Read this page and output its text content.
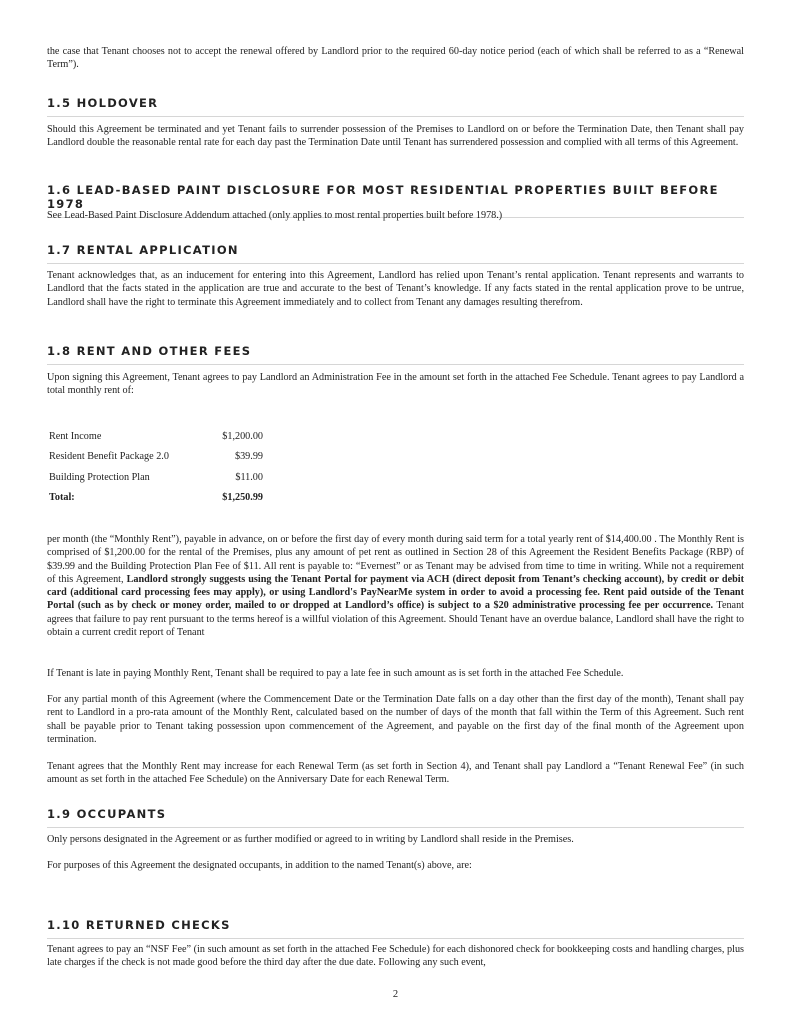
the case that Tenant chooses not to accept the renewal offered by Landlord prior to the required 60-day notice period (each of which shall be referred to as a “Renewal Term”).

1.5 HOLDOVER

Should this Agreement be terminated and yet Tenant fails to surrender possession of the Premises to Landlord on or before the Termination Date, then Tenant shall pay Landlord double the reasonable rental rate for each day past the Termination Date until Tenant has surrendered possession and complied with all terms of this Agreement.

1.6 LEAD-BASED PAINT DISCLOSURE FOR MOST RESIDENTIAL PROPERTIES BUILT BEFORE 1978

See Lead-Based Paint Disclosure Addendum attached (only applies to most rental properties built before 1978.)

1.7 RENTAL APPLICATION

Tenant acknowledges that, as an inducement for entering into this Agreement, Landlord has relied upon Tenant’s rental application. Tenant represents and warrants to Landlord that the facts stated in the application are true and accurate to the best of Tenant’s knowledge. If any facts stated in the rental application prove to be untrue, Landlord shall have the right to terminate this Agreement immediately and to collect from Tenant any damages resulting therefrom.

1.8 RENT AND OTHER FEES

Upon signing this Agreement, Tenant agrees to pay Landlord an Administration Fee in the amount set forth in the attached Fee Schedule. Tenant agrees to pay Landlord a total monthly rent of:

Rent Income	$1,200.00
Resident Benefit Package 2.0	$39.99
Building Protection Plan	$11.00
Total:	$1,250.99

per month (the “Monthly Rent”), payable in advance, on or before the first day of every month during said term for a total yearly rent of $14,400.00 . The Monthly Rent is comprised of $1,200.00 for the rental of the Premises, plus any amount of pet rent as outlined in Section 28 of this Agreement the Resident Benefits Package (RBP) of $39.99 and the Building Protection Plan Fee of $11. All rent is payable to: “Evernest” or as Tenant may be advised from time to time in writing. While not a requirement of this Agreement, Landlord strongly suggests using the Tenant Portal for payment via ACH (direct deposit from Tenant’s checking account), by credit or debit card (additional card processing fees may apply), or using Landlord's PayNearMe system in order to avoid a processing fee. Rent paid outside of the Tenant Portal (such as by check or money order, mailed to or dropped at Landlord’s office) is subject to a $20 administrative processing fee per occurrence. Tenant agrees that failure to pay rent pursuant to the terms hereof is a willful violation of this Agreement. Should Tenant have an overdue balance, Landlord shall have the right to obtain a current credit report of Tenant

If Tenant is late in paying Monthly Rent, Tenant shall be required to pay a late fee in such amount as is set forth in the attached Fee Schedule.

For any partial month of this Agreement (where the Commencement Date or the Termination Date falls on a day other than the first day of the month), Tenant shall pay rent to Landlord in a pro-rata amount of the Monthly Rent, calculated based on the number of days of the month that fall within the Term of this Agreement. Such rent shall be payable prior to Tenant taking possession upon commencement of the Agreement, and payable on the first day of the final month of the Agreement upon termination.

Tenant agrees that the Monthly Rent may increase for each Renewal Term (as set forth in Section 4), and Tenant shall pay Landlord a “Tenant Renewal Fee” (in such amount as set forth in the attached Fee Schedule) on the Anniversary Date for each Renewal Term.

1.9 OCCUPANTS

Only persons designated in the Agreement or as further modified or agreed to in writing by Landlord shall reside in the Premises.

For purposes of this Agreement the designated occupants, in addition to the named Tenant(s) above, are:

1.10 RETURNED CHECKS

Tenant agrees to pay an “NSF Fee” (in such amount as set forth in the attached Fee Schedule) for each dishonored check for bookkeeping costs and handling charges, plus late charges if the check is not made good before the third day after the due date. Following any such event,

2
